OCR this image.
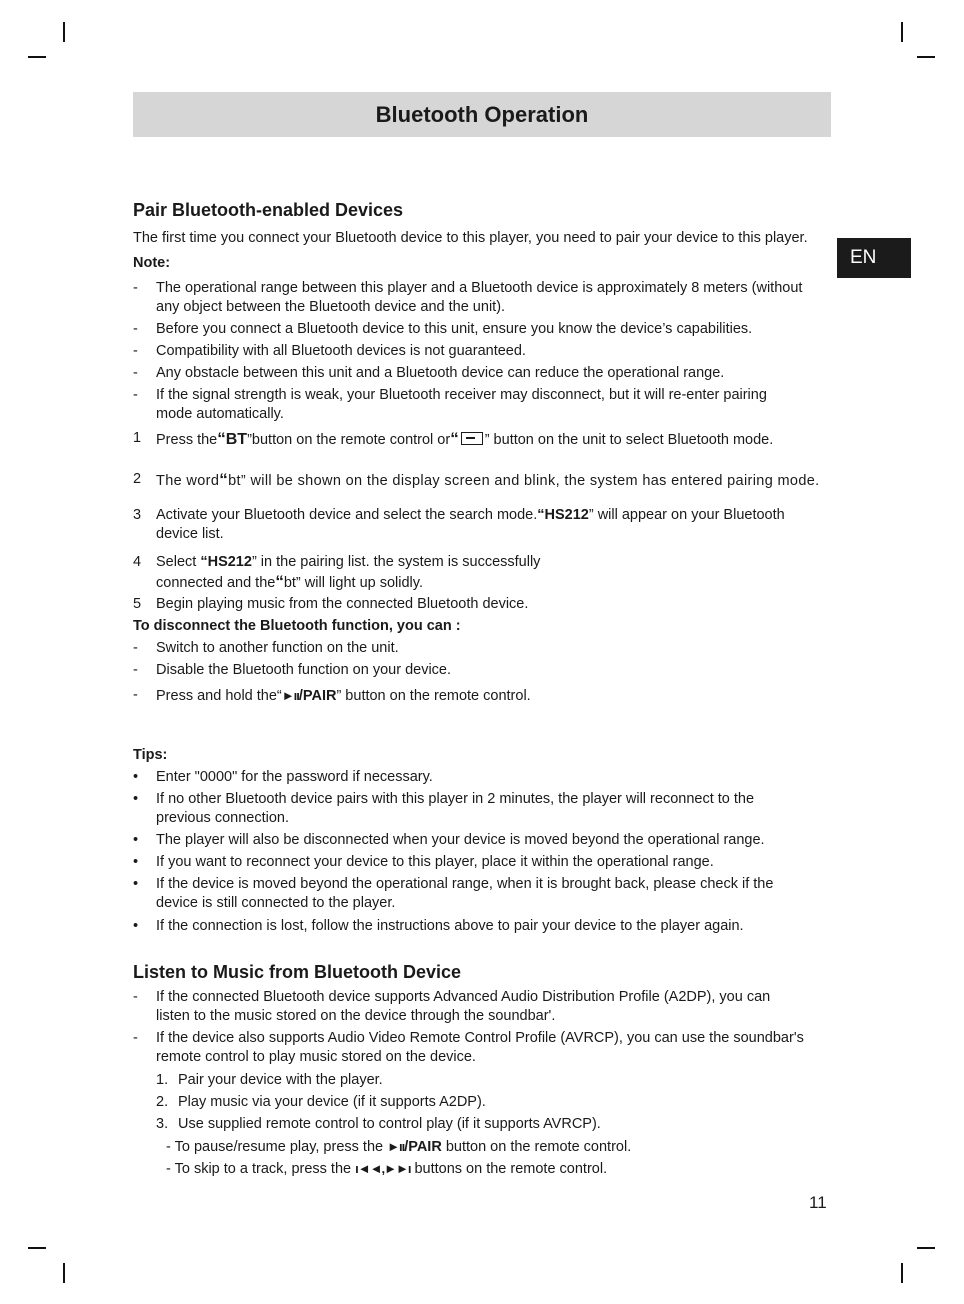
Bluetooth Operation
EN
Pair Bluetooth-enabled Devices
The first time you connect your Bluetooth device to this player, you need to pair your device to this player.
Note:
- The operational range between this player and a Bluetooth device is approximately 8 meters (without
any object between the Bluetooth device and the unit).
- Before you connect a Bluetooth device to this unit, ensure you know the device’s capabilities.
- Compatibility with all Bluetooth devices is not guaranteed.
- Any obstacle between this unit and a Bluetooth device can reduce the operational range.
- If the signal strength is weak, your Bluetooth receiver may disconnect, but it will re-enter pairing
mode automatically.
1 Press the“BT”button on the remote control or“ ” button on the unit to select Bluetooth mode.
2 The word“bt” will be shown on the display screen and blink, the system has entered pairing mode.
3 Activate your Bluetooth device and select the search mode.“HS212” will appear on your Bluetooth
device list.
4 Select “HS212” in the pairing list. the system is successfully
connected and the“bt” will light up solidly.
5 Begin playing music from the connected Bluetooth device.
To disconnect the Bluetooth function, you can :
- Switch to another function on the unit.
- Disable the Bluetooth function on your device.
- Press and hold the“►ıı/PAIR” button on the remote control.
Tips:
• Enter "0000" for the password if necessary.
• If no other Bluetooth device pairs with this player in 2 minutes, the player will reconnect to the
previous connection.
• The player will also be disconnected when your device is moved beyond the operational range.
• If you want to reconnect your device to this player, place it within the operational range.
• If the device is moved beyond the operational range, when it is brought back, please check if the
device is still connected to the player.
• If the connection is lost, follow the instructions above to pair your device to the player again.
Listen to Music from Bluetooth Device
- If the connected Bluetooth device supports Advanced Audio Distribution Profile (A2DP), you can
listen to the music stored on the device through the soundbar'.
- If the device also supports Audio Video Remote Control Profile (AVRCP), you can use the soundbar's
remote control to play music stored on the device.
1. Pair your device with the player.
2. Play music via your device (if it supports A2DP).
3. Use supplied remote control to control play (if it supports AVRCP).
- To pause/resume play, press the ►ıı/PAIR button on the remote control.
- To skip to a track, press the ı◄◄,►►ı buttons on the remote control.
11
